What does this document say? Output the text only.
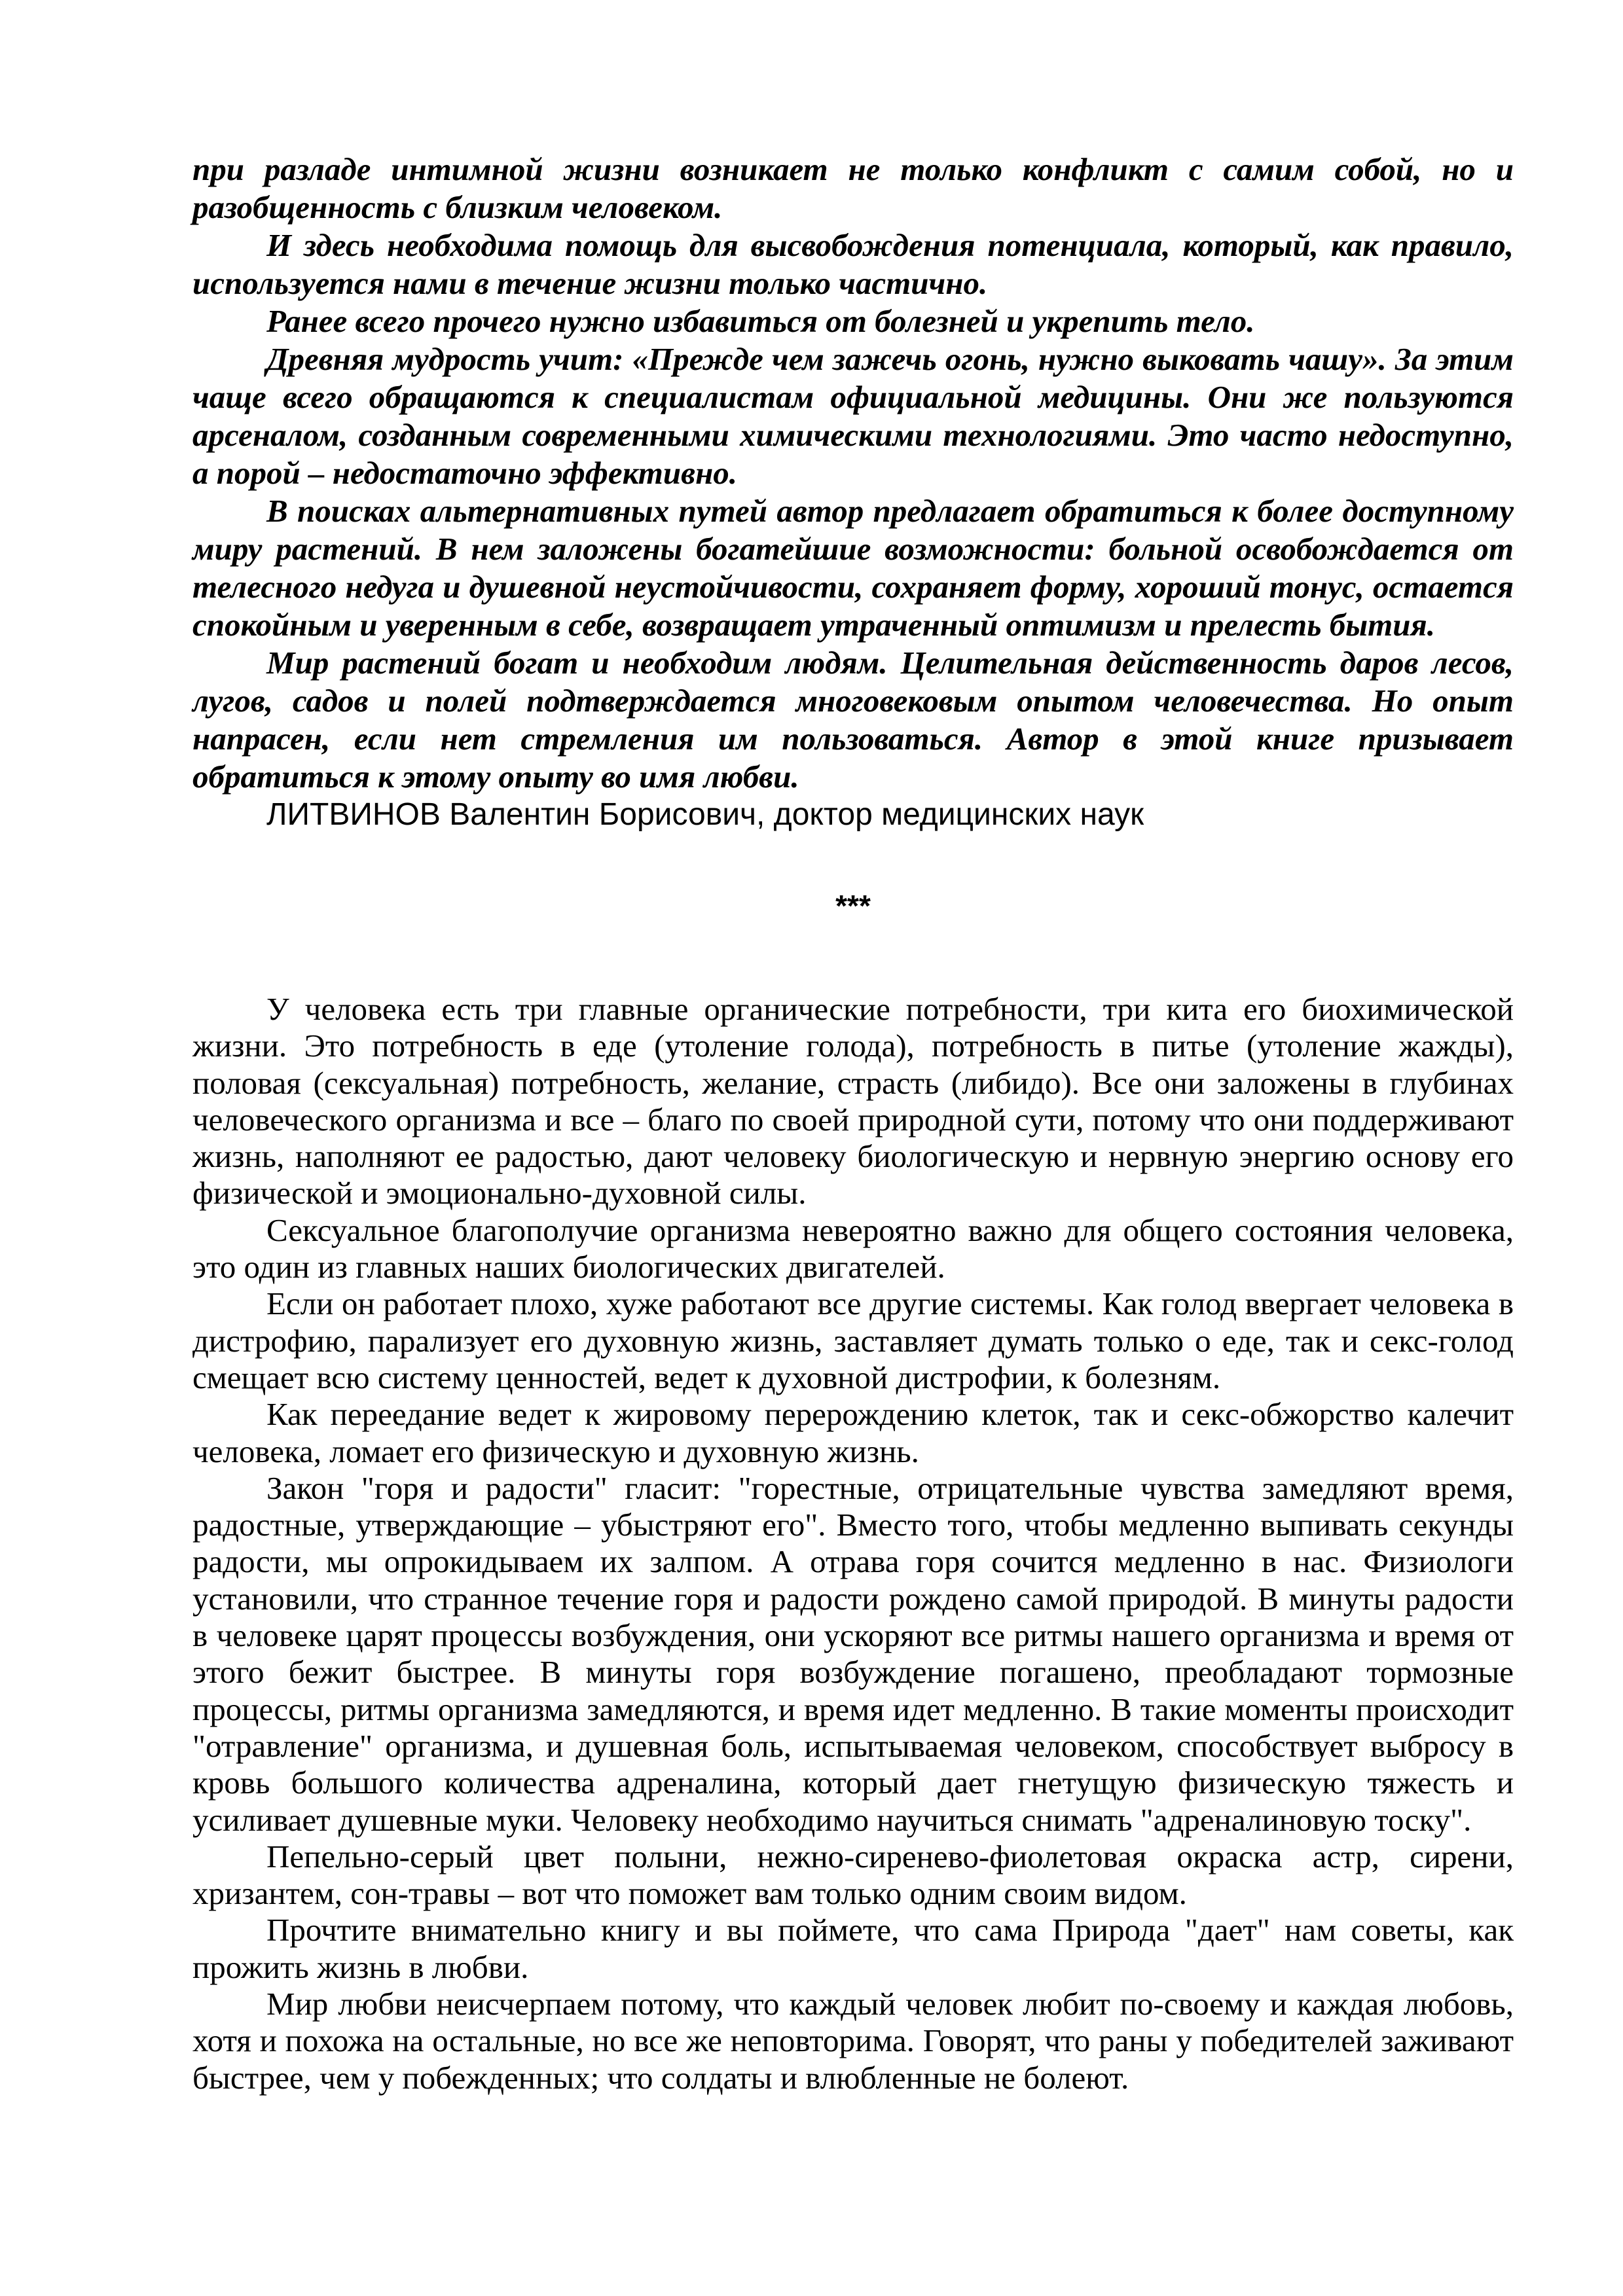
при разладе интимной жизни возникает не только конфликт с самим собой, но и разобщенность с близким человеком.

И здесь необходима помощь для высвобождения потенциала, который, как правило, используется нами в течение жизни только частично.

Ранее всего прочего нужно избавиться от болезней и укрепить тело.

Древняя мудрость учит: «Прежде чем зажечь огонь, нужно выковать чашу». За этим чаще всего обращаются к специалистам официальной медицины. Они же пользуются арсеналом, созданным современными химическими технологиями. Это часто недоступно, а порой – недостаточно эффективно.

В поисках альтернативных путей автор предлагает обратиться к более доступному миру растений. В нем заложены богатейшие возможности: больной освобождается от телесного недуга и душевной неустойчивости, сохраняет форму, хороший тонус, остается спокойным и уверенным в себе, возвращает утраченный оптимизм и прелесть бытия.

Мир растений богат и необходим людям. Целительная действенность даров лесов, лугов, садов и полей подтверждается многовековым опытом человечества. Но опыт напрасен, если нет стремления им пользоваться. Автор в этой книге призывает обратиться к этому опыту во имя любви.

ЛИТВИНОВ Валентин Борисович, доктор медицинских наук

***

У человека есть три главные органические потребности, три кита его биохимической жизни. Это потребность в еде (утоление голода), потребность в питье (утоление жажды), половая (сексуальная) потребность, желание, страсть (либидо). Все они заложены в глубинах человеческого организма и все – благо по своей природной сути, потому что они поддерживают жизнь, наполняют ее радостью, дают человеку биологическую и нервную энергию основу его физической и эмоционально-духовной силы.

Сексуальное благополучие организма невероятно важно для общего состояния человека, это один из главных наших биологических двигателей.

Если он работает плохо, хуже работают все другие системы. Как голод ввергает человека в дистрофию, парализует его духовную жизнь, заставляет думать только о еде, так и секс-голод смещает всю систему ценностей, ведет к духовной дистрофии, к болезням.

Как переедание ведет к жировому перерождению клеток, так и секс-обжорство калечит человека, ломает его физическую и духовную жизнь.

Закон "горя и радости" гласит: "горестные, отрицательные чувства замедляют время, радостные, утверждающие – убыстряют его". Вместо того, чтобы медленно выпивать секунды радости, мы опрокидываем их залпом. А отрава горя сочится медленно в нас. Физиологи установили, что странное течение горя и радости рождено самой природой. В минуты радости в человеке царят процессы возбуждения, они ускоряют все ритмы нашего организма и время от этого бежит быстрее. В минуты горя возбуждение погашено, преобладают тормозные процессы, ритмы организма замедляются, и время идет медленно. В такие моменты происходит "отравление" организма, и душевная боль, испытываемая человеком, способствует выбросу в кровь большого количества адреналина, который дает гнетущую физическую тяжесть и усиливает душевные муки. Человеку необходимо научиться снимать "адреналиновую тоску".

Пепельно-серый цвет полыни, нежно-сиренево-фиолетовая окраска астр, сирени, хризантем, сон-травы – вот что поможет вам только одним своим видом.

Прочтите внимательно книгу и вы поймете, что сама Природа "дает" нам советы, как прожить жизнь в любви.

Мир любви неисчерпаем потому, что каждый человек любит по-своему и каждая любовь, хотя и похожа на остальные, но все же неповторима. Говорят, что раны у победителей заживают быстрее, чем у побежденных; что солдаты и влюбленные не болеют.
